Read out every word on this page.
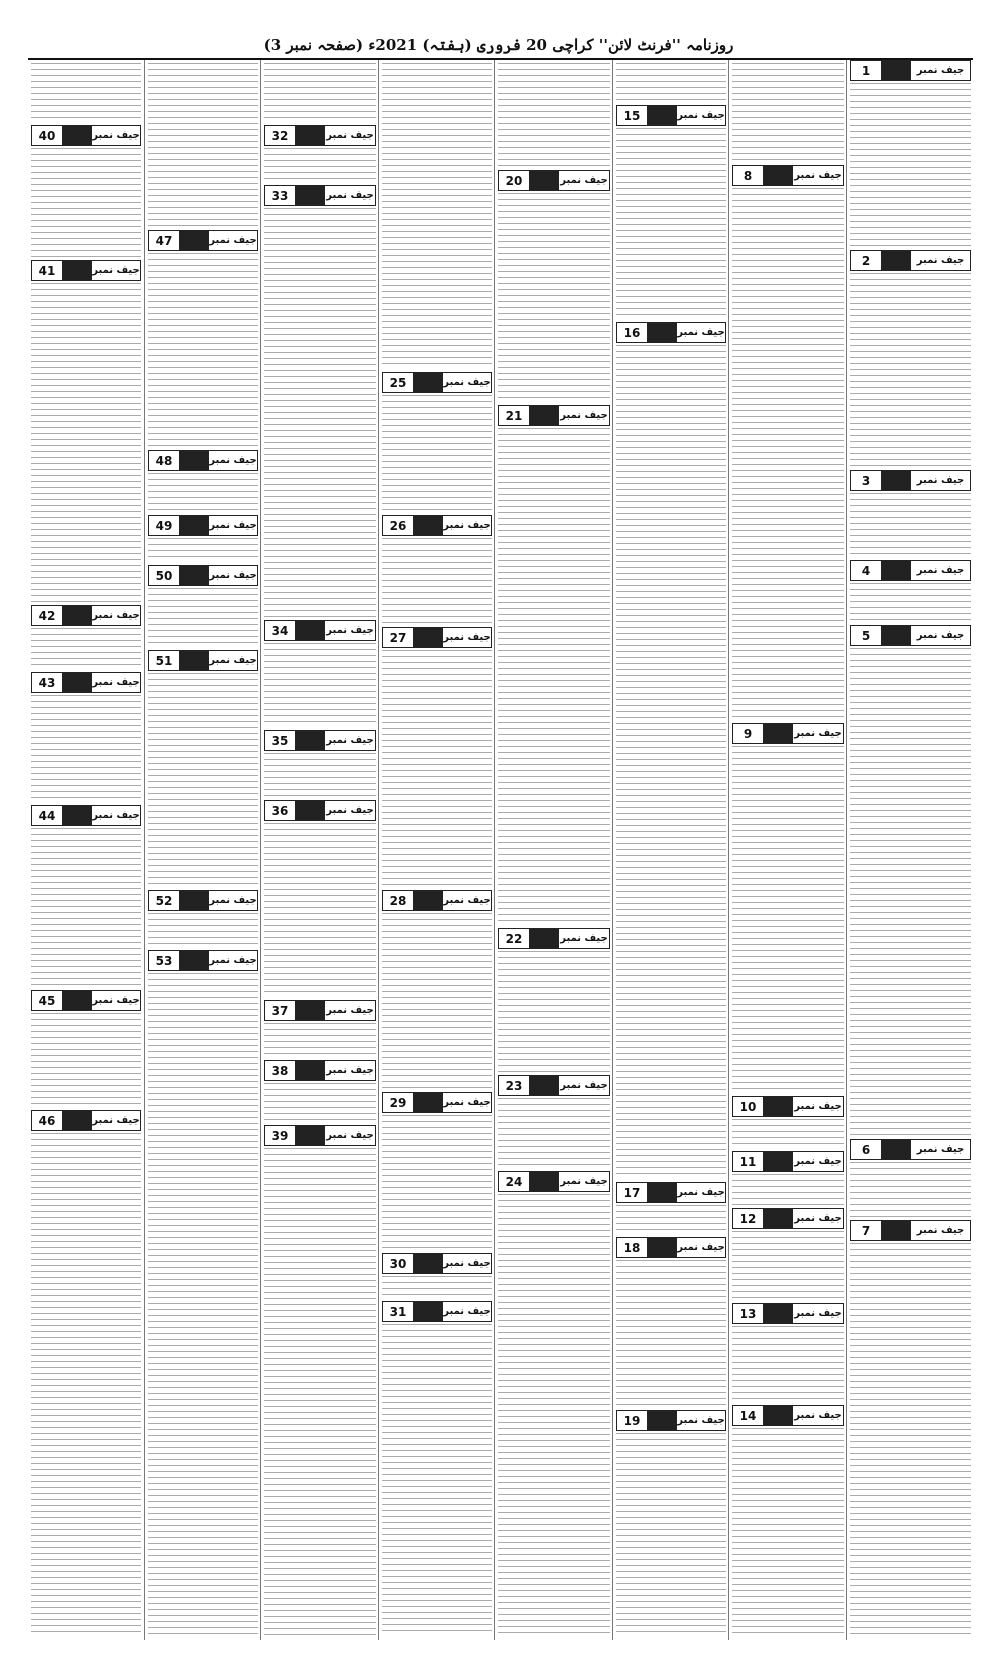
روزنامہ ''فرنٹ لائن'' کراچی 20 فروری (ہفتہ) 2021ء (صفحہ نمبر 3)
40	جیف نمبر
41	جیف نمبر
42	جیف نمبر
43	جیف نمبر
44	جیف نمبر
45	جیف نمبر
46	جیف نمبر
47	جیف نمبر
48	جیف نمبر
49	جیف نمبر
50	جیف نمبر
51	جیف نمبر
52	جیف نمبر
53	جیف نمبر
32	جیف نمبر
33	جیف نمبر
34	جیف نمبر
35	جیف نمبر
36	جیف نمبر
37	جیف نمبر
38	جیف نمبر
39	جیف نمبر
25	جیف نمبر
26	جیف نمبر
27	جیف نمبر
28	جیف نمبر
29	جیف نمبر
30	جیف نمبر
31	جیف نمبر
20	جیف نمبر
21	جیف نمبر
22	جیف نمبر
23	جیف نمبر
24	جیف نمبر
15	جیف نمبر
16	جیف نمبر
17	جیف نمبر
18	جیف نمبر
19	جیف نمبر
8	جیف نمبر
9	جیف نمبر
10	جیف نمبر
11	جیف نمبر
12	جیف نمبر
13	جیف نمبر
14	جیف نمبر
1	جیف نمبر
2	جیف نمبر
3	جیف نمبر
4	جیف نمبر
5	جیف نمبر
6	جیف نمبر
7	جیف نمبر
